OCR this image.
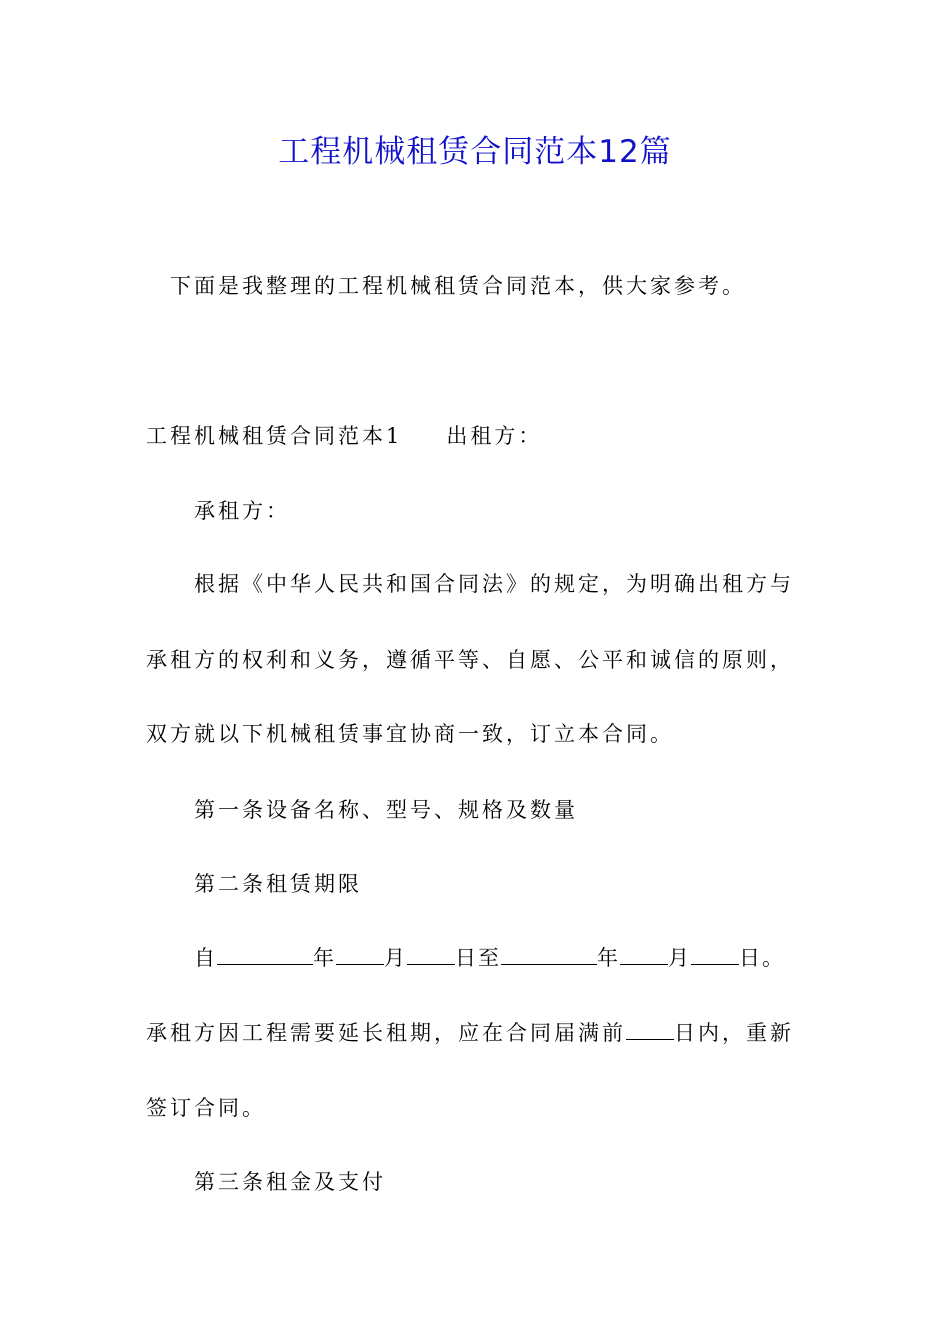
工程机械租赁合同范本12篇
下面是我整理的工程机械租赁合同范本，供大家参考。
工程机械租赁合同范本1 出租方：
承租方：
根据《中华人民共和国合同法》的规定，为明确出租方与
承租方的权利和义务，遵循平等、自愿、公平和诚信的原则，
双方就以下机械租赁事宜协商一致，订立本合同。
第一条设备名称、型号、规格及数量
第二条租赁期限
自	年 月 日至	年 月 日。
承租方因工程需要延长租期，应在合同届满前 日内，重新
签订合同。
第三条租金及支付
